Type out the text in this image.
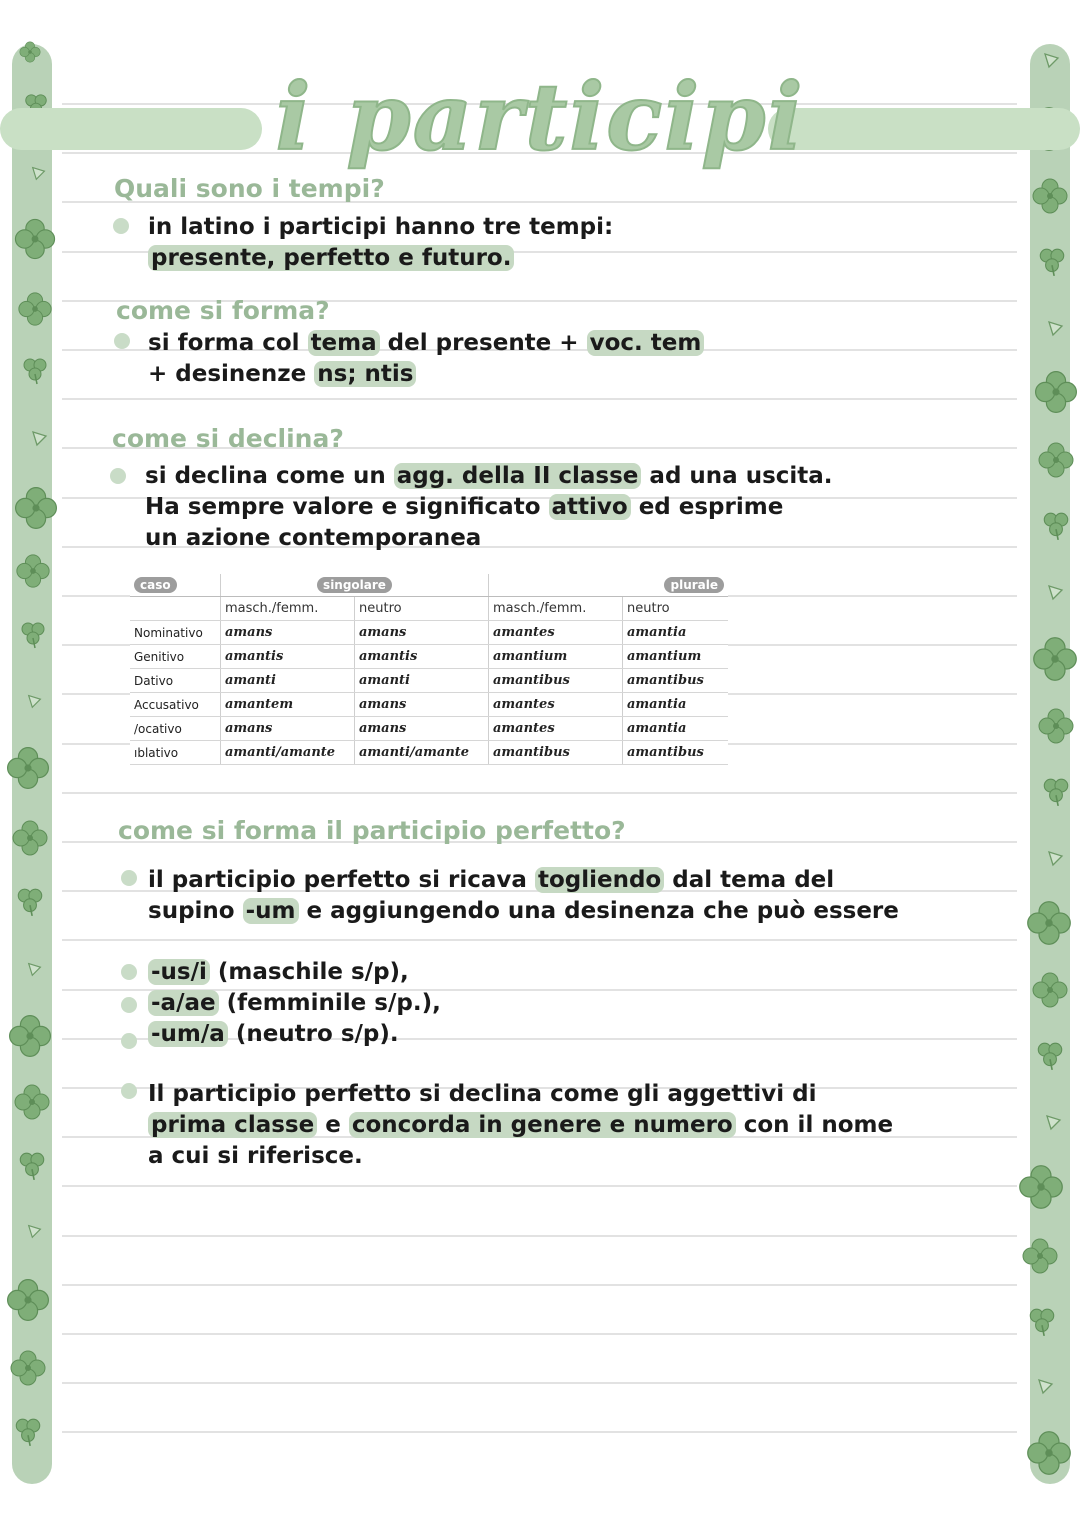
i participi
Quali sono i tempi?

in latino i participi hanno tre tempi:
presente, perfetto e futuro.

come si forma?

si forma col tema del presente + voc. tem
+ desinenze ns; ntis

come si declina?

si declina come un agg. della II classe ad una uscita.
Ha sempre valore e significato attivo ed esprime
un azione contemporanea

caso	singolare		plurale	
	masch./femm.	neutro	masch./femm.	neutro
Nominativo	amans	amans	amantes	amantia
Genitivo	amantis	amantis	amantium	amantium
Dativo	amanti	amanti	amantibus	amantibus
Accusativo	amantem	amans	amantes	amantia
/ocativo	amans	amans	amantes	amantia
ıblativo	amanti/amante	amanti/amante	amantibus	amantibus
come si forma il participio perfetto?

il participio perfetto si ricava togliendo dal tema del
supino -um e aggiungendo una desinenza che può essere

-us/i (maschile s/p),
-a/ae (femminile s/p.),
-um/a (neutro s/p).

Il participio perfetto si declina come gli aggettivi di
prima classe e concorda in genere e numero con il nome
a cui si riferisce.
